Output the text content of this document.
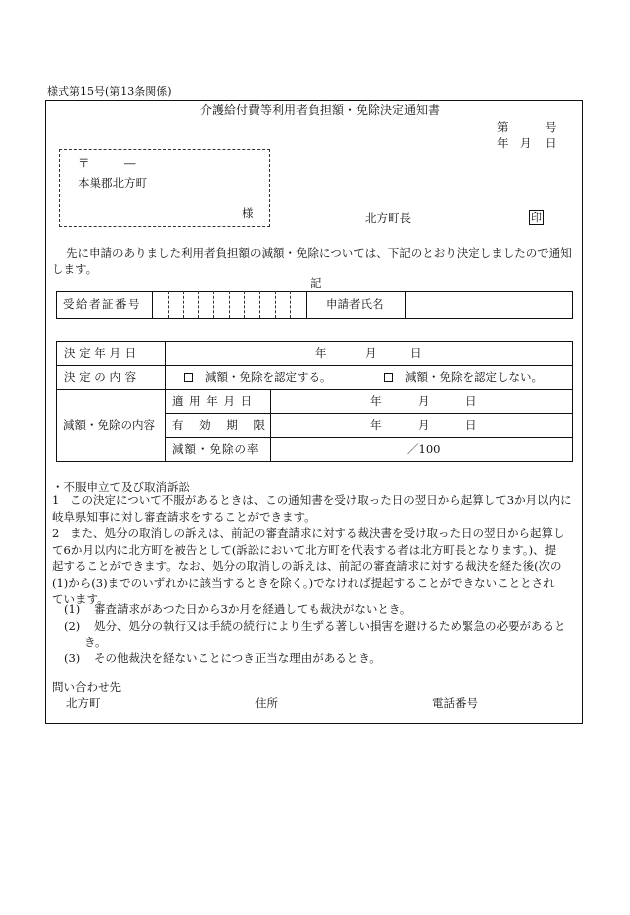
様式第15号(第13条関係)
介護給付費等利用者負担額・免除決定通知書
第	号
年 月 日
〒	―
本巣郡北方町
様	北方町長	印
先に申請のありました利用者負担額の減額・免除については、下記のとおり決定しましたので通知
します。
記
受給者証番号	申請者氏名
決 定 年 月 日	年	月	日
決 定 の 内 容	減額・免除を認定する。	減額・免除を認定しない。
減額・免除の内容
適 用 年 月 日	年	月	日
有 効 期 限	年	月	日
減額・免除の率	／100
・不服申立て及び取消訴訟
1 この決定について不服があるときは、この通知書を受け取った日の翌日から起算して3か月以内に
岐阜県知事に対し審査請求をすることができます。
2 また、処分の取消しの訴えは、前記の審査請求に対する裁決書を受け取った日の翌日から起算し
て6か月以内に北方町を被告として(訴訟において北方町を代表する者は北方町長となります。)、提
起することができます。なお、処分の取消しの訴えは、前記の審査請求に対する裁決を経た後(次の
(1)から(3)までのいずれかに該当するときを除く。)でなければ提起することができないこととされ
ています。
(1) 審査請求があつた日から3か月を経過しても裁決がないとき。
(2) 処分、処分の執行又は手続の続行により生ずる著しい損害を避けるため緊急の必要があると
き。
(3) その他裁決を経ないことにつき正当な理由があるとき。
問い合わせ先
北方町	住所	電話番号
